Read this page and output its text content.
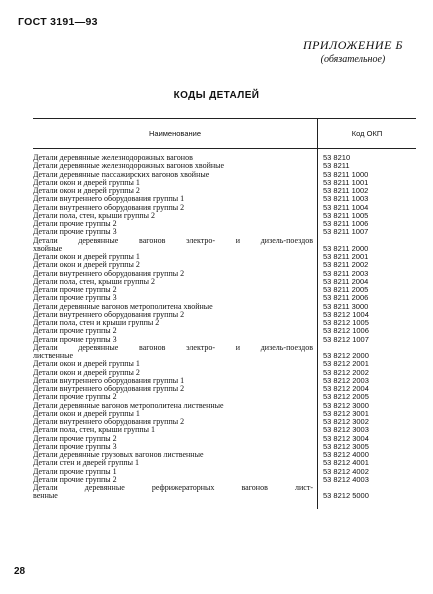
ГОСТ 3191—93
ПРИЛОЖЕНИЕ Б
(обязательное)
КОДЫ ДЕТАЛЕЙ
Наименование	Код ОКП
Детали деревянные железнодорожных вагонов	53 8210
Детали деревянные железнодорожных вагонов хвойные	53 8211
Детали деревянные пассажирских вагонов хвойные	53 8211 1000
Детали окон и дверей группы 1	53 8211 1001
Детали окон и дверей группы 2	53 8211 1002
Детали внутреннего оборудования группы 1	53 8211 1003
Детали внутреннего оборудования группы 2	53 8211 1004
Детали пола, стен, крыши группы 2	53 8211 1005
Детали прочие группы 2	53 8211 1006
Детали прочие группы 3	53 8211 1007
Детали деревянные вагонов электро- и дизель-поездов
хвойные	53 8211 2000
Детали окон и дверей группы 1	53 8211 2001
Детали окон и дверей группы 2	53 8211 2002
Детали внутреннего оборудования группы 2	53 8211 2003
Детали пола, стен, крыши группы 2	53 8211 2004
Детали прочие группы 2	53 8211 2005
Детали прочие группы 3	53 8211 2006
Детали деревянные вагонов метрополитена хвойные	53 8211 3000
Детали внутреннего оборудования группы 2	53 8212 1004
Детали пола, стен и крыши группы 2	53 8212 1005
Детали прочие группы 2	53 8212 1006
Детали прочие группы 3	53 8212 1007
Детали деревянные вагонов электро- и дизель-поездов
лиственные	53 8212 2000
Детали окон и дверей группы 1	53 8212 2001
Детали окон и дверей группы 2	53 8212 2002
Детали внутреннего оборудования группы 1	53 8212 2003
Детали внутреннего оборудования группы 2	53 8212 2004
Детали прочие группы 2	53 8212 2005
Детали деревянные вагонов метрополитена лиственные	53 8212 3000
Детали окон и дверей группы 1	53 8212 3001
Детали внутреннего оборудования группы 2	53 8212 3002
Детали пола, стен, крыши группы 1	53 8212 3003
Детали прочие группы 2	53 8212 3004
Детали прочие группы 3	53 8212 3005
Детали деревянные грузовых вагонов лиственные	53 8212 4000
Детали стен и дверей группы 1	53 8212 4001
Детали прочие группы 1	53 8212 4002
Детали прочие группы 2	53 8212 4003
Детали деревянные рефрижераторных вагонов лист-
венные	53 8212 5000
28
